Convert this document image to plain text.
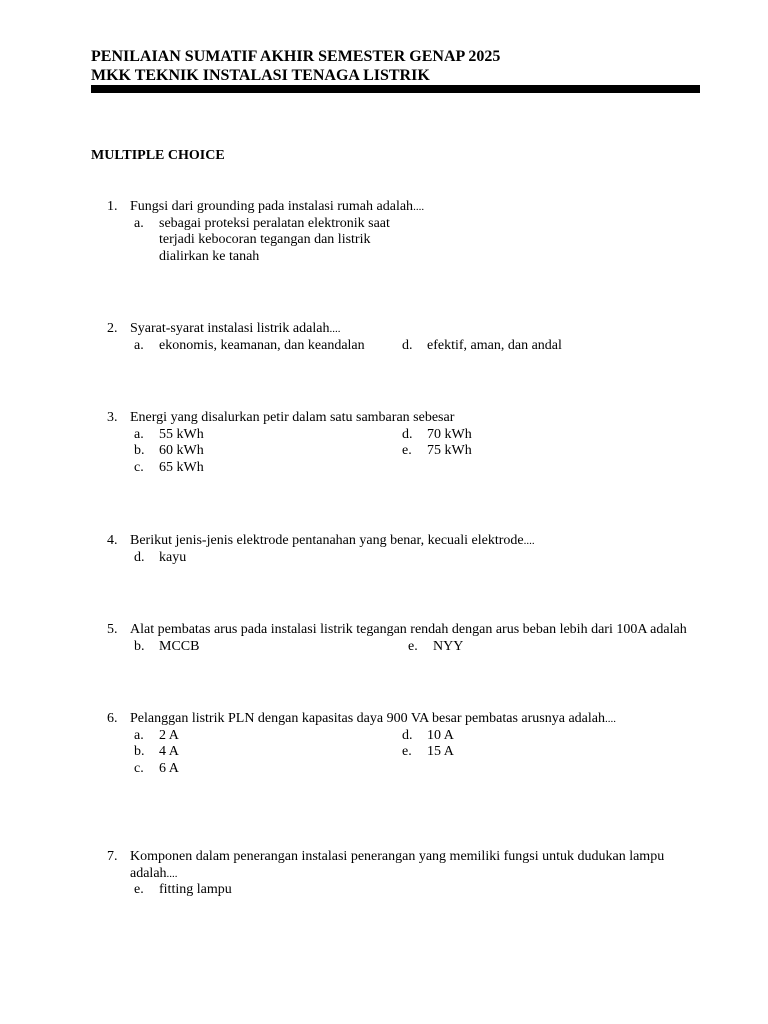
PENILAIAN SUMATIF AKHIR SEMESTER GENAP 2025
MKK TEKNIK INSTALASI TENAGA LISTRIK
MULTIPLE CHOICE
1. Fungsi dari grounding pada instalasi rumah adalah....
a. sebagai proteksi peralatan elektronik saat terjadi kebocoran tegangan dan listrik dialirkan ke tanah
2. Syarat-syarat instalasi listrik adalah....
a. ekonomis, keamanan, dan keandalan	d. efektif, aman, dan andal
3. Energi yang disalurkan petir dalam satu sambaran sebesar
a. 55 kWh
b. 60 kWh
c. 65 kWh
d. 70 kWh
e. 75 kWh
4. Berikut jenis-jenis elektrode pentanahan yang benar, kecuali elektrode....
d. kayu
5. Alat pembatas arus pada instalasi listrik tegangan rendah dengan arus beban lebih dari 100A adalah
b. MCCB	e. NYY
6. Pelanggan listrik PLN dengan kapasitas daya 900 VA besar pembatas arusnya adalah....
a. 2 A
b. 4 A
c. 6 A
d. 10 A
e. 15 A
7. Komponen dalam penerangan instalasi penerangan yang memiliki fungsi untuk dudukan lampu adalah....
e. fitting lampu
